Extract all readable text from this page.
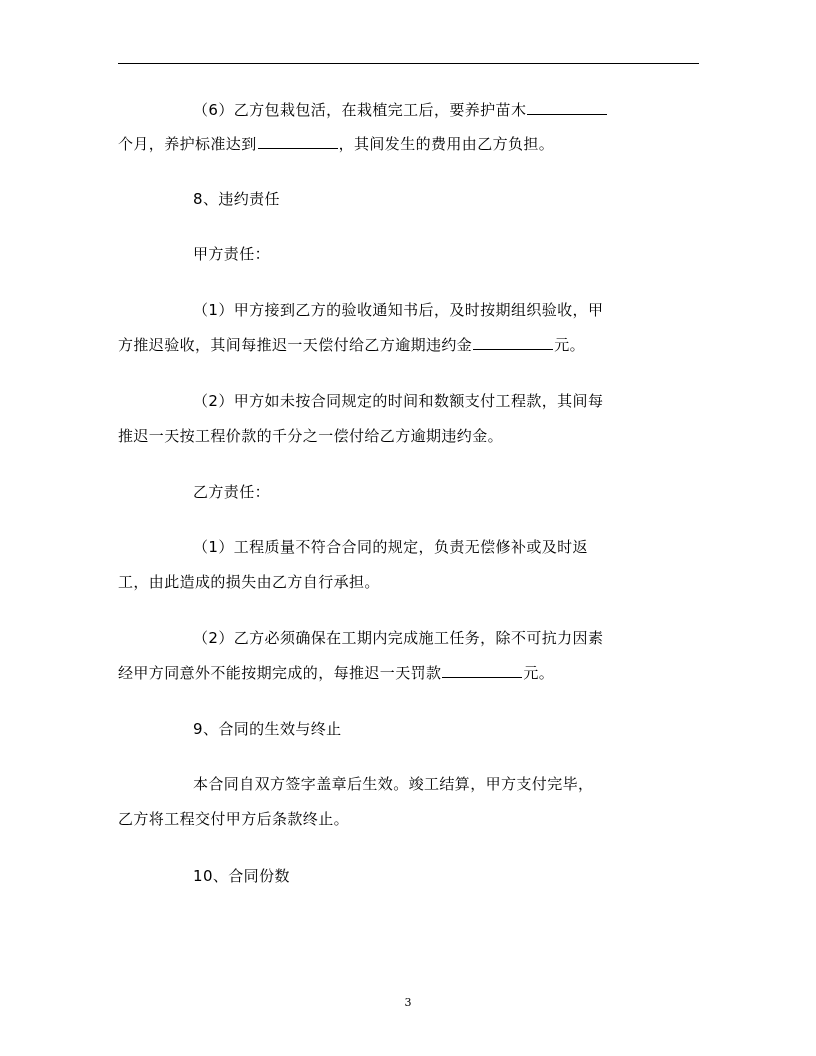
（6）乙方包栽包活，在栽植完工后，要养护苗木
个月，养护标准达到	，其间发生的费用由乙方负担。
8、违约责任
甲方责任：
（1）甲方接到乙方的验收通知书后，及时按期组织验收，甲
方推迟验收，其间每推迟一天偿付给乙方逾期违约金	元。
（2）甲方如未按合同规定的时间和数额支付工程款，其间每
推迟一天按工程价款的千分之一偿付给乙方逾期违约金。
乙方责任：
（1）工程质量不符合合同的规定，负责无偿修补或及时返
工，由此造成的损失由乙方自行承担。
（2）乙方必须确保在工期内完成施工任务，除不可抗力因素
经甲方同意外不能按期完成的，每推迟一天罚款	元。
9、合同的生效与终止
本合同自双方签字盖章后生效。竣工结算，甲方支付完毕，
乙方将工程交付甲方后条款终止。
10、合同份数
3
